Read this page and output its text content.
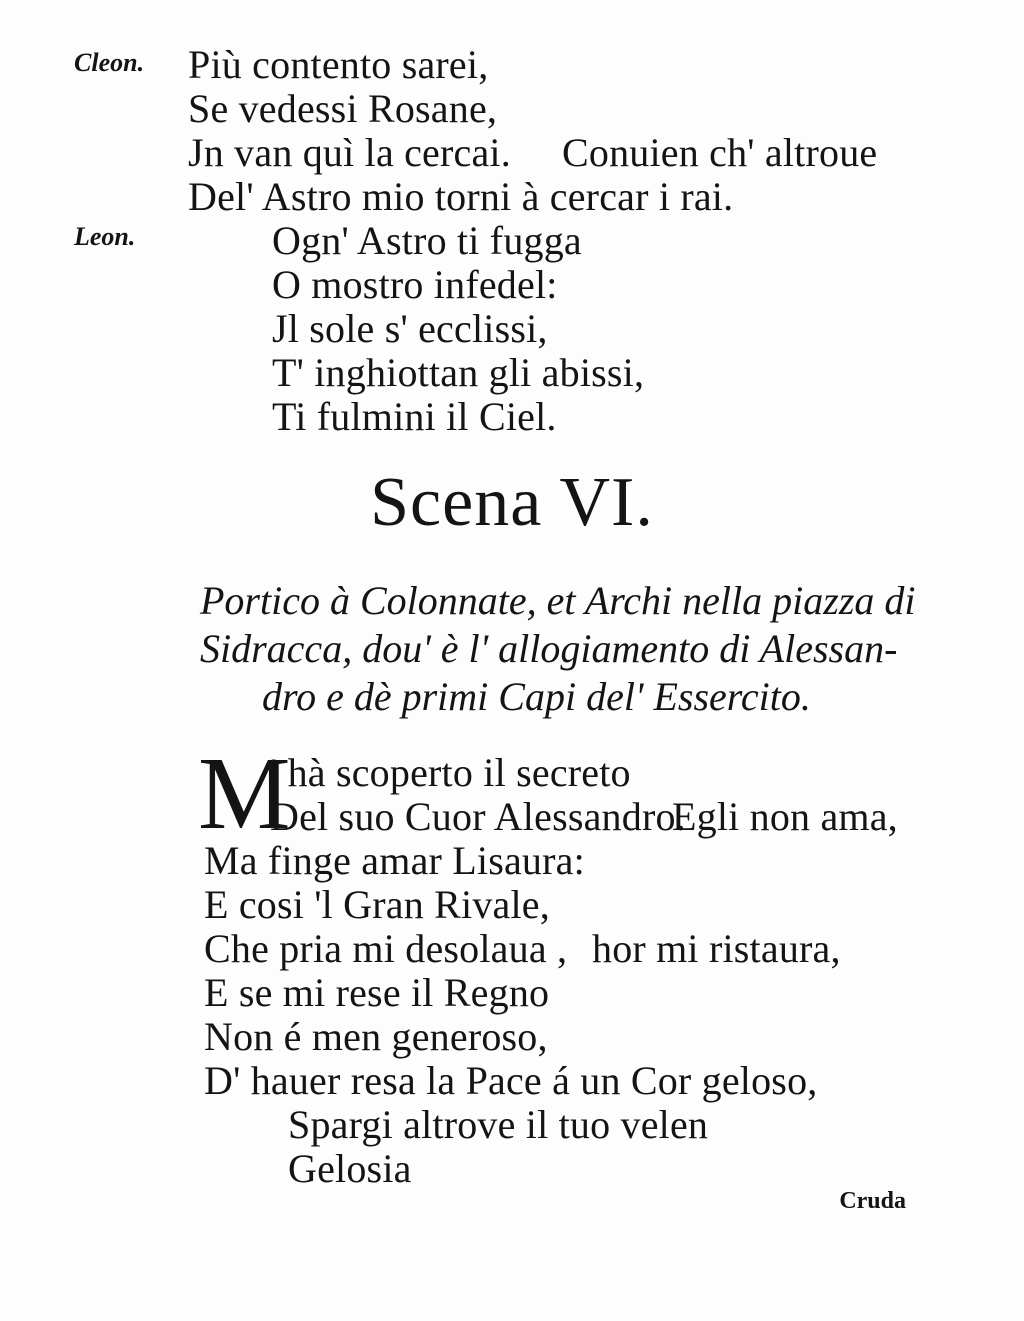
Cleon.
Leon.
Più contento sarei,
Se vedessi Rosane,
Jn van quì la cercai. Conuien ch' altroue
Del' Astro mio torni à cercar i rai.
Ogn' Astro ti fugga
O mostro infedel:
Jl sole s' ecclissi,
T' inghiottan gli abissi,
Ti fulmini il Ciel.
Scena VI.
Portico à Colonnate, et Archi nella piazza di
Sidracca, dou' è l' allogiamento di Alessan-
dro e dè primi Capi del' Essercito.
M
' hà scoperto il secreto
Del suo Cuor Alessandro.
Egli non ama,
Ma finge amar Lisaura:
E cosi 'l Gran Rivale,
Che pria mi desolaua , hor mi ristaura,
E se mi rese il Regno
Non é men generoso,
D' hauer resa la Pace á un Cor geloso,
Spargi altrove il tuo velen
Gelosia
Cruda
